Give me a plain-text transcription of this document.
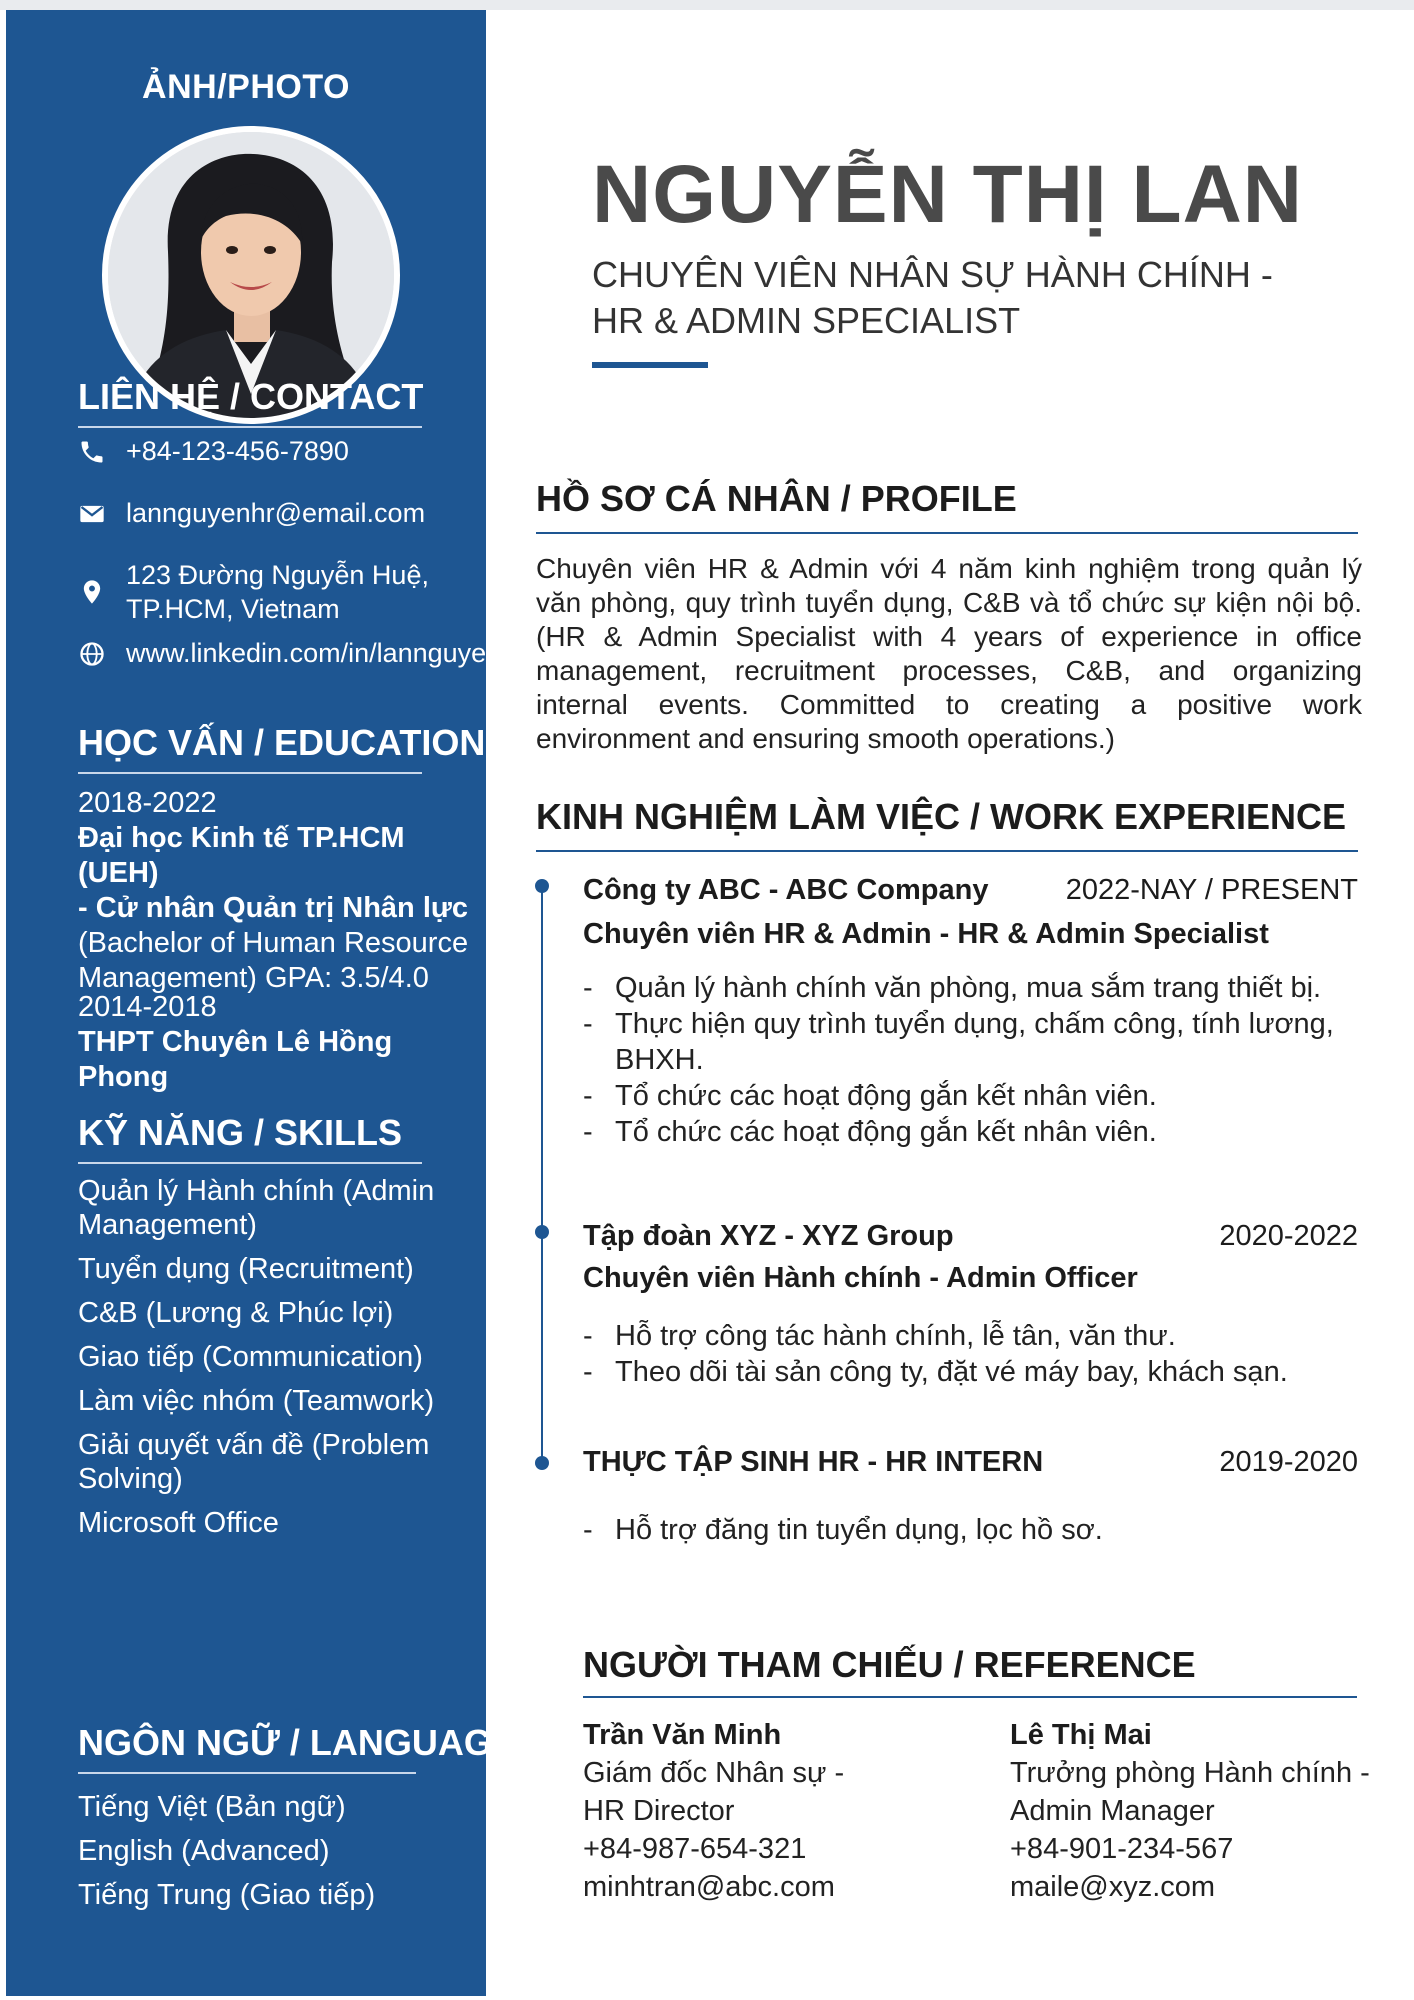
ẢNH/PHOTO
LIÊN HỆ / CONTACT
+84-123-456-7890
lannguyenhr@email.com
123 Đường Nguyễn Huệ,
TP.HCM, Vietnam
www.linkedin.com/in/lannguyen
HỌC VẤN / EDUCATION
2018-2022
Đại học Kinh tế TP.HCM (UEH)
- Cử nhân Quản trị Nhân lực
(Bachelor of Human Resource
Management) GPA: 3.5/4.0
2014-2018
THPT Chuyên Lê Hồng Phong
KỸ NĂNG / SKILLS
Quản lý Hành chính (Admin Management)
Tuyển dụng (Recruitment)
C&B (Lương & Phúc lợi)
Giao tiếp (Communication)
Làm việc nhóm (Teamwork)
Giải quyết vấn đề (Problem Solving)
Microsoft Office
NGÔN NGỮ / LANGUAGES
Tiếng Việt (Bản ngữ)
English (Advanced)
Tiếng Trung (Giao tiếp)
NGUYỄN THỊ LAN
CHUYÊN VIÊN NHÂN SỰ HÀNH CHÍNH -
HR & ADMIN SPECIALIST
HỒ SƠ CÁ NHÂN / PROFILE
Chuyên viên HR & Admin với 4 năm kinh nghiệm trong quản lý văn phòng, quy trình tuyển dụng, C&B và tổ chức sự kiện nội bộ. (HR & Admin Specialist with 4 years of experience in office management, recruitment processes, C&B, and organizing internal events. Committed to creating a positive work environment and ensuring smooth operations.)
KINH NGHIỆM LÀM VIỆC / WORK EXPERIENCE
Công ty ABC - ABC Company	2022-NAY / PRESENT
Chuyên viên HR & Admin - HR & Admin Specialist
- Quản lý hành chính văn phòng, mua sắm trang thiết bị.
- Thực hiện quy trình tuyển dụng, chấm công, tính lương, BHXH.
- Tổ chức các hoạt động gắn kết nhân viên.
- Tổ chức các hoạt động gắn kết nhân viên.
Tập đoàn XYZ - XYZ Group	2020-2022
Chuyên viên Hành chính - Admin Officer
- Hỗ trợ công tác hành chính, lễ tân, văn thư.
- Theo dõi tài sản công ty, đặt vé máy bay, khách sạn.
THỰC TẬP SINH HR - HR INTERN	2019-2020
- Hỗ trợ đăng tin tuyển dụng, lọc hồ sơ.
NGƯỜI THAM CHIẾU / REFERENCE
Trần Văn Minh
Giám đốc Nhân sự -
HR Director
+84-987-654-321
minhtran@abc.com
Lê Thị Mai
Trưởng phòng Hành chính -
Admin Manager
+84-901-234-567
maile@xyz.com
